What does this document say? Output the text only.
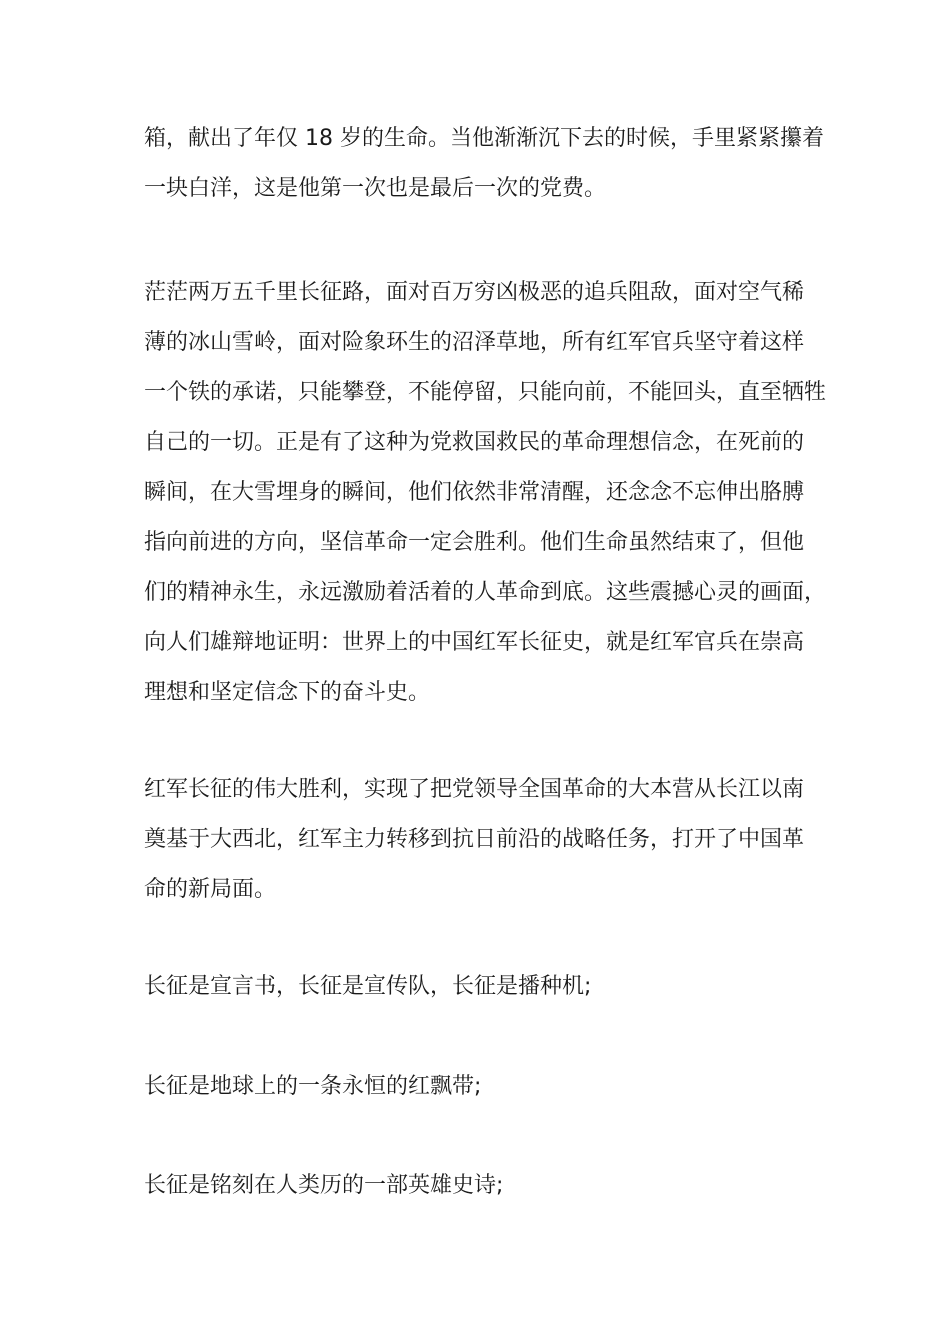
箱，献出了年仅 18 岁的生命。当他渐渐沉下去的时候，手里紧紧攥着
一块白洋，这是他第一次也是最后一次的党费。

茫茫两万五千里长征路，面对百万穷凶极恶的追兵阻敌，面对空气稀
薄的冰山雪岭，面对险象环生的沼泽草地，所有红军官兵坚守着这样
一个铁的承诺，只能攀登，不能停留，只能向前，不能回头，直至牺牲
自己的一切。正是有了这种为党救国救民的革命理想信念，在死前的
瞬间，在大雪埋身的瞬间，他们依然非常清醒，还念念不忘伸出胳膊
指向前进的方向，坚信革命一定会胜利。他们生命虽然结束了，但他
们的精神永生，永远激励着活着的人革命到底。这些震撼心灵的画面，
向人们雄辩地证明：世界上的中国红军长征史，就是红军官兵在崇高
理想和坚定信念下的奋斗史。

红军长征的伟大胜利，实现了把党领导全国革命的大本营从长江以南
奠基于大西北，红军主力转移到抗日前沿的战略任务，打开了中国革
命的新局面。

长征是宣言书，长征是宣传队，长征是播种机;

长征是地球上的一条永恒的红飘带;

长征是铭刻在人类历的一部英雄史诗;
